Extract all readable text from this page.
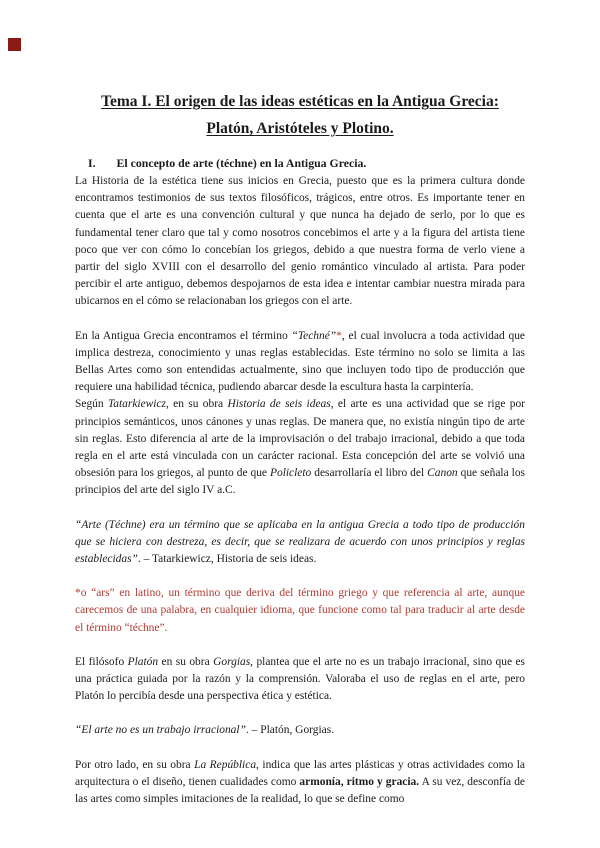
Tema I. El origen de las ideas estéticas en la Antigua Grecia:
Platón, Aristóteles y Plotino.
I. El concepto de arte (téchne) en la Antigua Grecia.

La Historia de la estética tiene sus inicios en Grecia, puesto que es la primera cultura donde encontramos testimonios de sus textos filosóficos, trágicos, entre otros. Es importante tener en cuenta que el arte es una convención cultural y que nunca ha dejado de serlo, por lo que es fundamental tener claro que tal y como nosotros concebimos el arte y a la figura del artista tiene poco que ver con cómo lo concebían los griegos, debido a que nuestra forma de verlo viene a partir del siglo XVIII con el desarrollo del genio romántico vinculado al artista. Para poder percibir el arte antiguo, debemos despojarnos de esta idea e intentar cambiar nuestra mirada para ubicarnos en el cómo se relacionaban los griegos con el arte.

En la Antigua Grecia encontramos el término “Techné”*, el cual involucra a toda actividad que implica destreza, conocimiento y unas reglas establecidas. Este término no solo se limita a las Bellas Artes como son entendidas actualmente, sino que incluyen todo tipo de producción que requiere una habilidad técnica, pudiendo abarcar desde la escultura hasta la carpintería.

Según Tatarkiewicz, en su obra Historia de seis ideas, el arte es una actividad que se rige por principios semánticos, unos cánones y unas reglas. De manera que, no existía ningún tipo de arte sin reglas. Esto diferencia al arte de la improvisación o del trabajo irracional, debido a que toda regla en el arte está vinculada con un carácter racional. Esta concepción del arte se volvió una obsesión para los griegos, al punto de que Policleto desarrollaría el libro del Canon que señala los principios del arte del siglo IV a.C.

“Arte (Téchne) era un término que se aplicaba en la antigua Grecia a todo tipo de producción que se hiciera con destreza, es decir, que se realizara de acuerdo con unos principios y reglas establecidas”. – Tatarkiewicz, Historia de seis ideas.

*o “ars” en latino, un término que deriva del término griego y que referencia al arte, aunque carecemos de una palabra, en cualquier idioma, que funcione como tal para traducir al arte desde el término “téchne”.

El filósofo Platón en su obra Gorgias, plantea que el arte no es un trabajo irracional, sino que es una práctica guiada por la razón y la comprensión. Valoraba el uso de reglas en el arte, pero Platón lo percibía desde una perspectiva ética y estética.

“El arte no es un trabajo irracional”. – Platón, Gorgias.

Por otro lado, en su obra La República, indica que las artes plásticas y otras actividades como la arquitectura o el diseño, tienen cualidades como armonía, ritmo y gracia. A su vez, desconfía de las artes como simples imitaciones de la realidad, lo que se define como
